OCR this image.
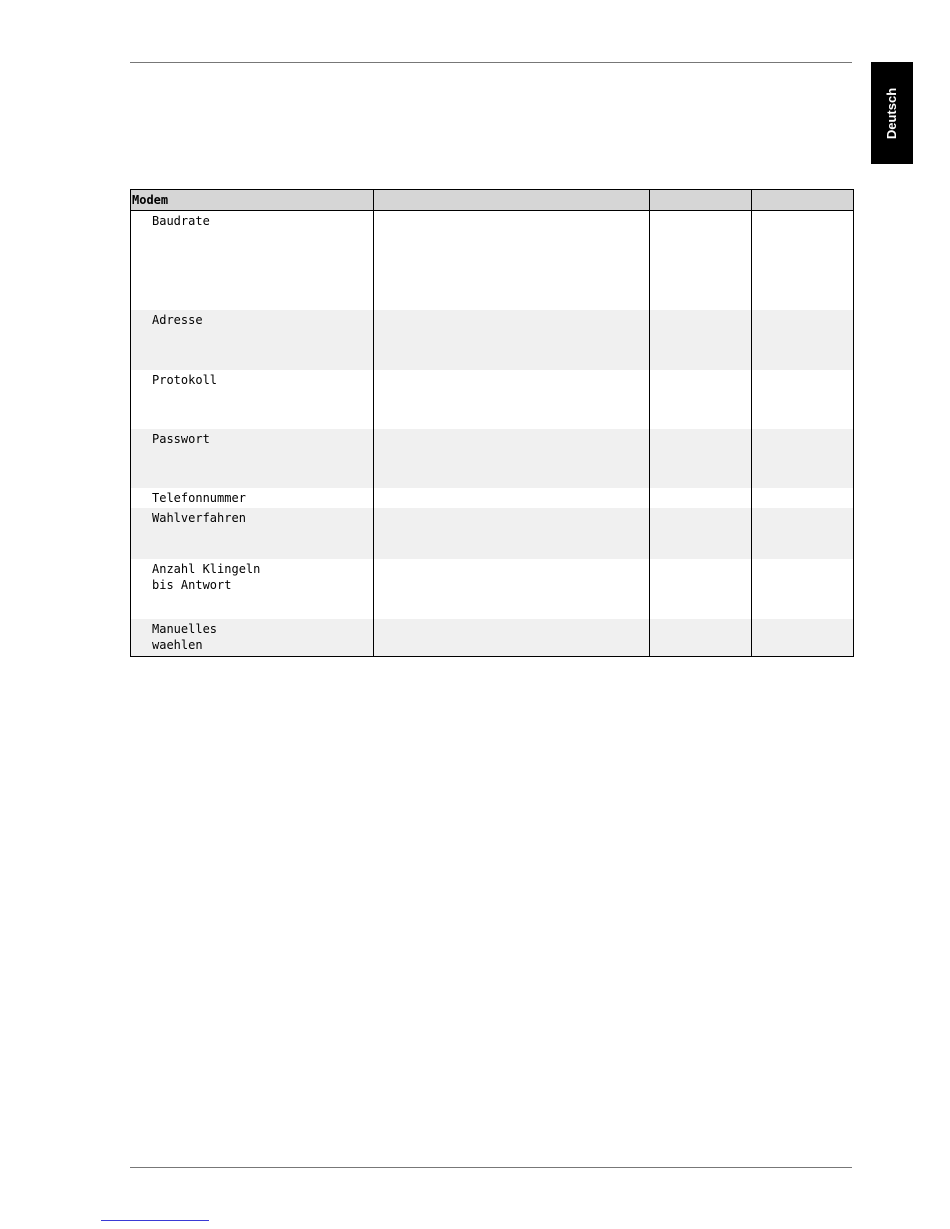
Deutsch
Modem			
Baudrate			
Adresse			
Protokoll			
Passwort			
Telefonnummer			
Wahlverfahren			
Anzahl Klingeln
bis Antwort			
Manuelles
waehlen			
